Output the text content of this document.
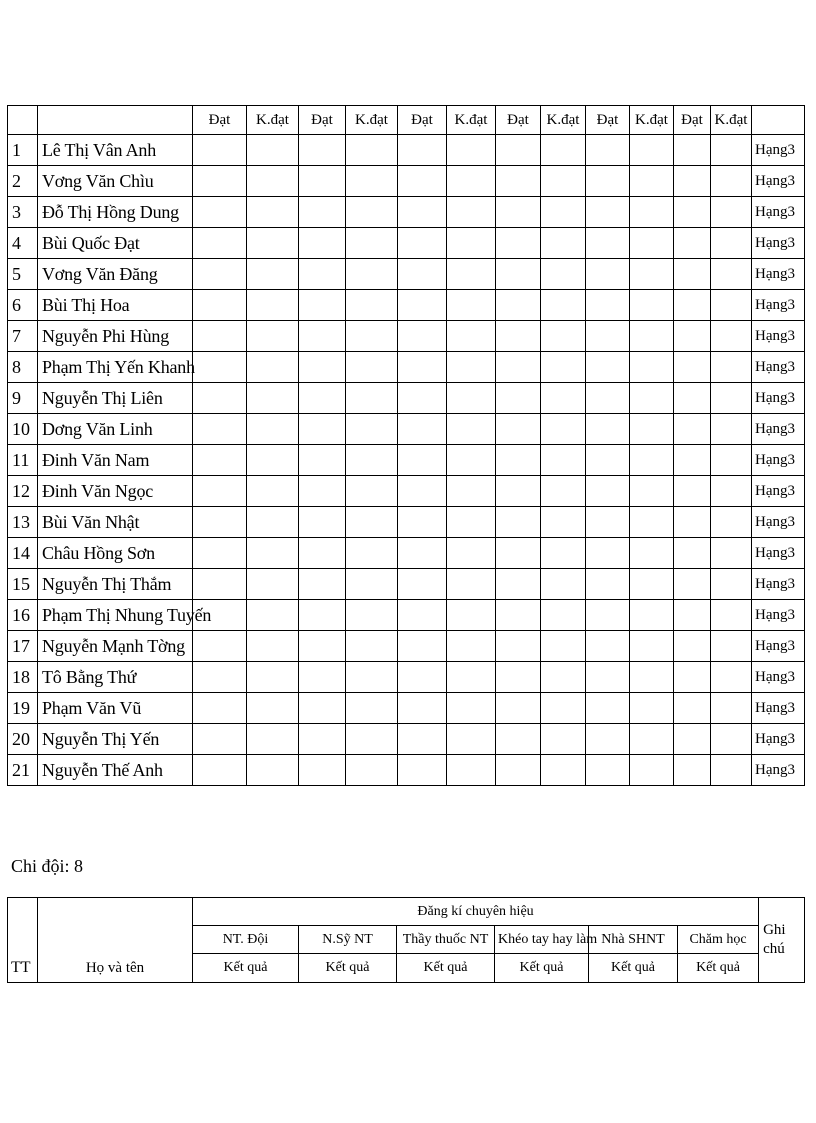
		Đạt	K.đạt	Đạt	K.đạt	Đạt	K.đạt	Đạt	K.đạt	Đạt	K.đạt	Đạt	K.đạt	
1	Lê Thị Vân Anh													Hạng3
2	Vơng Văn Chìu													Hạng3
3	Đỗ Thị Hồng Dung													Hạng3
4	Bùi Quốc Đạt													Hạng3
5	Vơng Văn Đăng													Hạng3
6	Bùi Thị Hoa													Hạng3
7	Nguyễn Phi Hùng													Hạng3
8	Phạm Thị Yến Khanh													Hạng3
9	Nguyễn Thị Liên													Hạng3
10	Dơng Văn Linh													Hạng3
11	Đinh Văn Nam													Hạng3
12	Đinh Văn Ngọc													Hạng3
13	Bùi Văn Nhật													Hạng3
14	Châu Hồng Sơn													Hạng3
15	Nguyễn Thị Thắm													Hạng3
16	Phạm Thị Nhung Tuyến													Hạng3
17	Nguyễn Mạnh Tờng													Hạng3
18	Tô Bằng Thứ													Hạng3
19	Phạm Văn Vũ													Hạng3
20	Nguyễn Thị Yến													Hạng3
21	Nguyễn Thế Anh													Hạng3
Chi đội: 8
TT	Họ và tên	Đăng kí chuyên hiệu						Ghi chú
		NT. Đội	N.Sỹ NT	Thầy thuốc NT	Khéo tay hay làm	Nhà SHNT	Chăm học	
		Kết quả	Kết quả	Kết quả	Kết quả	Kết quả	Kết quả	
